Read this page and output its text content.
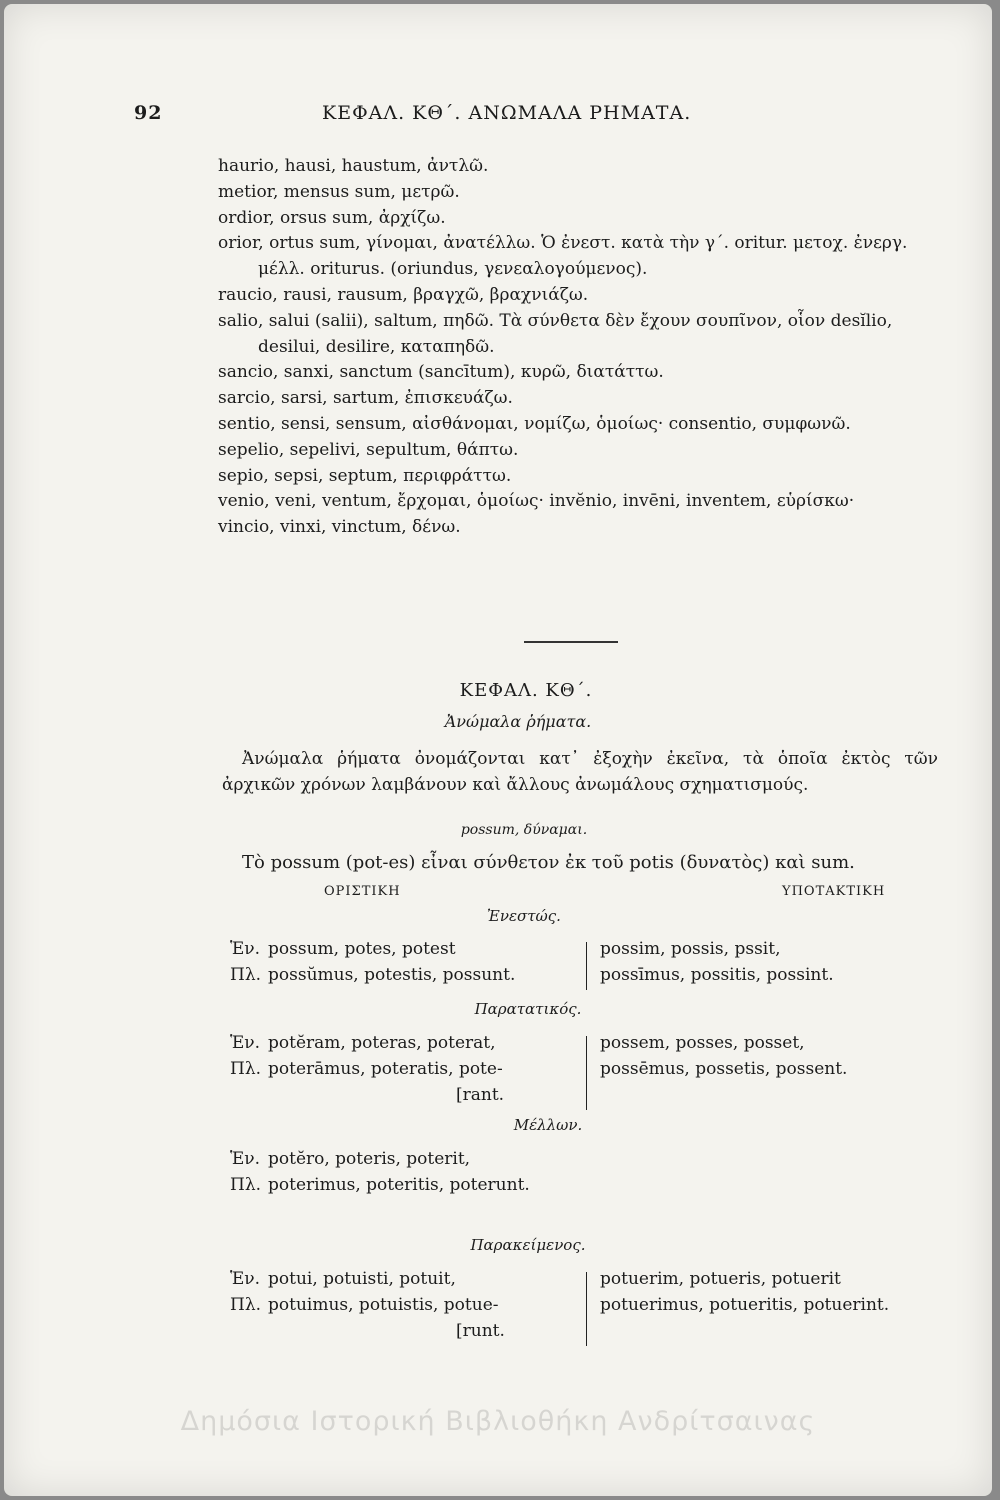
92	ΚΕΦΑΛ. ΚΘ΄. ΑΝΩΜΑΛΑ ΡΗΜΑΤΑ.
haurio, hausi, haustum, ἀντλῶ.
metior, mensus sum, μετρῶ.
ordior, orsus sum, ἀρχίζω.
orior, ortus sum, γίνομαι, ἀνατέλλω. Ὁ ἐνεστ. κατὰ τὴν γ΄. oritur. μετοχ. ἐνεργ. μέλλ. oriturus. (oriundus, γενεαλογούμενος).
raucio, rausi, rausum, βραγχῶ, βραχνιάζω.
salio, salui (salii), saltum, πηδῶ. Τὰ σύνθετα δὲν ἔχουν σουπῖνον, οἷον desĭlio, desilui, desilire, καταπηδῶ.
sancio, sanxi, sanctum (sancītum), κυρῶ, διατάττω.
sarcio, sarsi, sartum, ἐπισκευάζω.
sentio, sensi, sensum, αἰσθάνομαι, νομίζω, ὁμοίως· consentio, συμφωνῶ.
sepelio, sepelivi, sepultum, θάπτω.
sepio, sepsi, septum, περιφράττω.
venio, veni, ventum, ἔρχομαι, ὁμοίως· invĕnio, invēni, inventem, εὑρίσκω·
vincio, vinxi, vinctum, δένω.
ΚΕΦΑΛ. ΚΘ΄.
Ἀνώμαλα ῥήματα.
Ἀνώμαλα ῥήματα ὀνομάζονται κατ᾽ ἐξοχὴν ἐκεῖνα, τὰ ὁποῖα ἐκτὸς τῶν ἀρχικῶν χρόνων λαμβάνουν καὶ ἄλλους ἀνωμάλους σχηματισμούς.
possum, δύναμαι.
Τὸ possum (pot-es) εἶναι σύνθετον ἐκ τοῦ potis (δυνατὸς) καὶ sum.
ΟΡΙΣΤΙΚΗ	ΥΠΟΤΑΚΤΙΚΗ
Ἐνεστώς.
Ἑν. possum, potes, potest	possim, possis, pssit,
Πλ. possŭmus, potestis, possunt.	possīmus, possitis, possint.
Παρατατικός.
Ἑν. potĕram, poteras, poterat,	possem, posses, posset,
Πλ. poterāmus, poteratis, pote-	possēmus, possetis, possent.
[rant.
Μέλλων.
Ἑν. potĕro, poteris, poterit,
Πλ. poterimus, poteritis, poterunt.
Παρακείμενος.
Ἑν. potui, potuisti, potuit,	potuerim, potueris, potuerit
Πλ. potuimus, potuistis, potue-	potuerimus, potueritis, potuerint.
[runt.
Δημόσια Ιστορική Βιβλιοθήκη Ανδρίτσαινας
